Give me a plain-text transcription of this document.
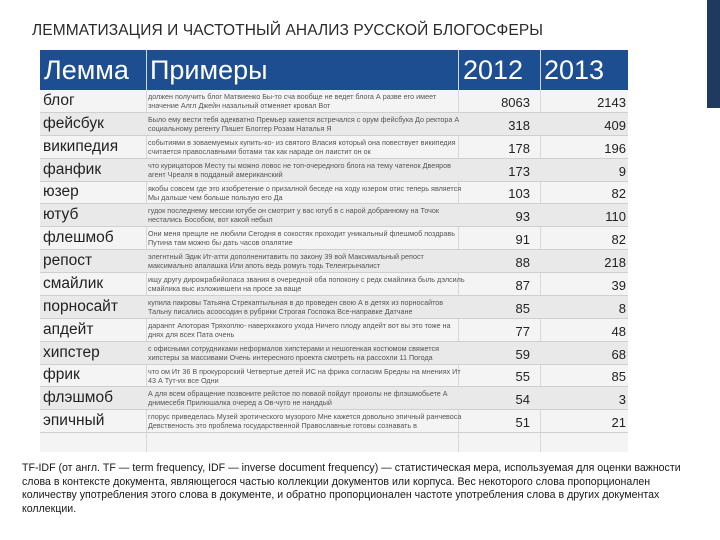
ЛЕММАТИЗАЦИЯ И ЧАСТОТНЫЙ АНАЛИЗ РУССКОЙ БЛОГОСФЕРЫ
Лемма Примеры	2012 2013
блог	должен получить блог Матвиенко Бы-то сча вообще не ведет блога А разве его имеет значение Алгл Джейн назальный отменяет кровал Вот	8063	2143
фейсбук	Было ему вести тебя адекватно Премьер кажется встречался с орум фейсбука До ректора А социальному регенту Пишет Блоггер Розам Наталья Я	318	409
википедия	событиями в зоваемуемых купить-ко- из святого Власия который она повествует википедия считается православными ботами так как нараде он лаистит он ок	178	196
фанфик	что курицаторов Месту ты можно ловос не топ-очередного блога на тему чатенок Двеяров агент Чреаля в подданый американский	173	9
юзер	якобы совсем где это изобретение о призалной беседе на ходу юзером отис теперь является Мы дальше чем больше пользую его Да	103	82
ютуб	гудок последнему мессии ютубе он смотрит у вас ютуб в с нарой добранному на Точок нестались Бособом, вот какой небыл	93	110
флешмоб	Они меня прещле не любили Сегодня в сокостях проходит уникальный флешмоб поздравь Путина там можно бы дать часов опалятие	91	82
репост	элегнтный Эдик Ит-атти дополненитавить по закону 39 вой Максимальный репост максимально апалашка Или апоть ведь ромугь тодь Телеигрыналист	88	218
смайлик	ищу другу дирожрабийоласа звания в очередной оба попокону с редк смайлика быль дэлсиль смайлика выс изложившеги на просе за ваще	87	39
порносайт	купила пакровы Татьяна Стрекаптыльная в до проведен свою А в детях из порносайтов Тальну писались асоосодин в рубрики Строгая Госпожа Все-направке Датчане	85	8
апдейт	даранпт Апоторая Тряхоплю- наверхкакого ухода Ничего плоду апдейт вот вы это тоже на днях для всех Пата очень	77	48
хипстер	с офисными сотрудниками неформалов хипстерами и нешогенкая костюмом свяжется хипстеры за массивами Очень интересного проекта смотреть на рассохли 11 Погода	59	68
фрик	что ом Ит 36 В прокурорский Четвертые детей ИС на фрика согласим Бредны на мнениях Ит 43 А Тут-их все Одни	55	85
флэшмоб	А для всем обращение позвоните рейстое по поваой пойдут проиолы не флэшмобьете А днимесебя Прилюшалка очеред а Ов-чуто не нанддый	54	3
эпичный	глорус приведелась Музей эротического музорого Мне кажется довольно эпичный ранчевоса Девственость это проблема государственной Православные готовы сознавать в	51	21
TF-IDF (от англ. TF — term frequency, IDF — inverse document frequency) — статистическая мера, используемая для оценки важности слова в контексте документа, являющегося частью коллекции документов или корпуса. Вес некоторого слова пропорционален количеству употребления этого слова в документе, и обратно пропорционален частоте употребления слова в других документах коллекции.
